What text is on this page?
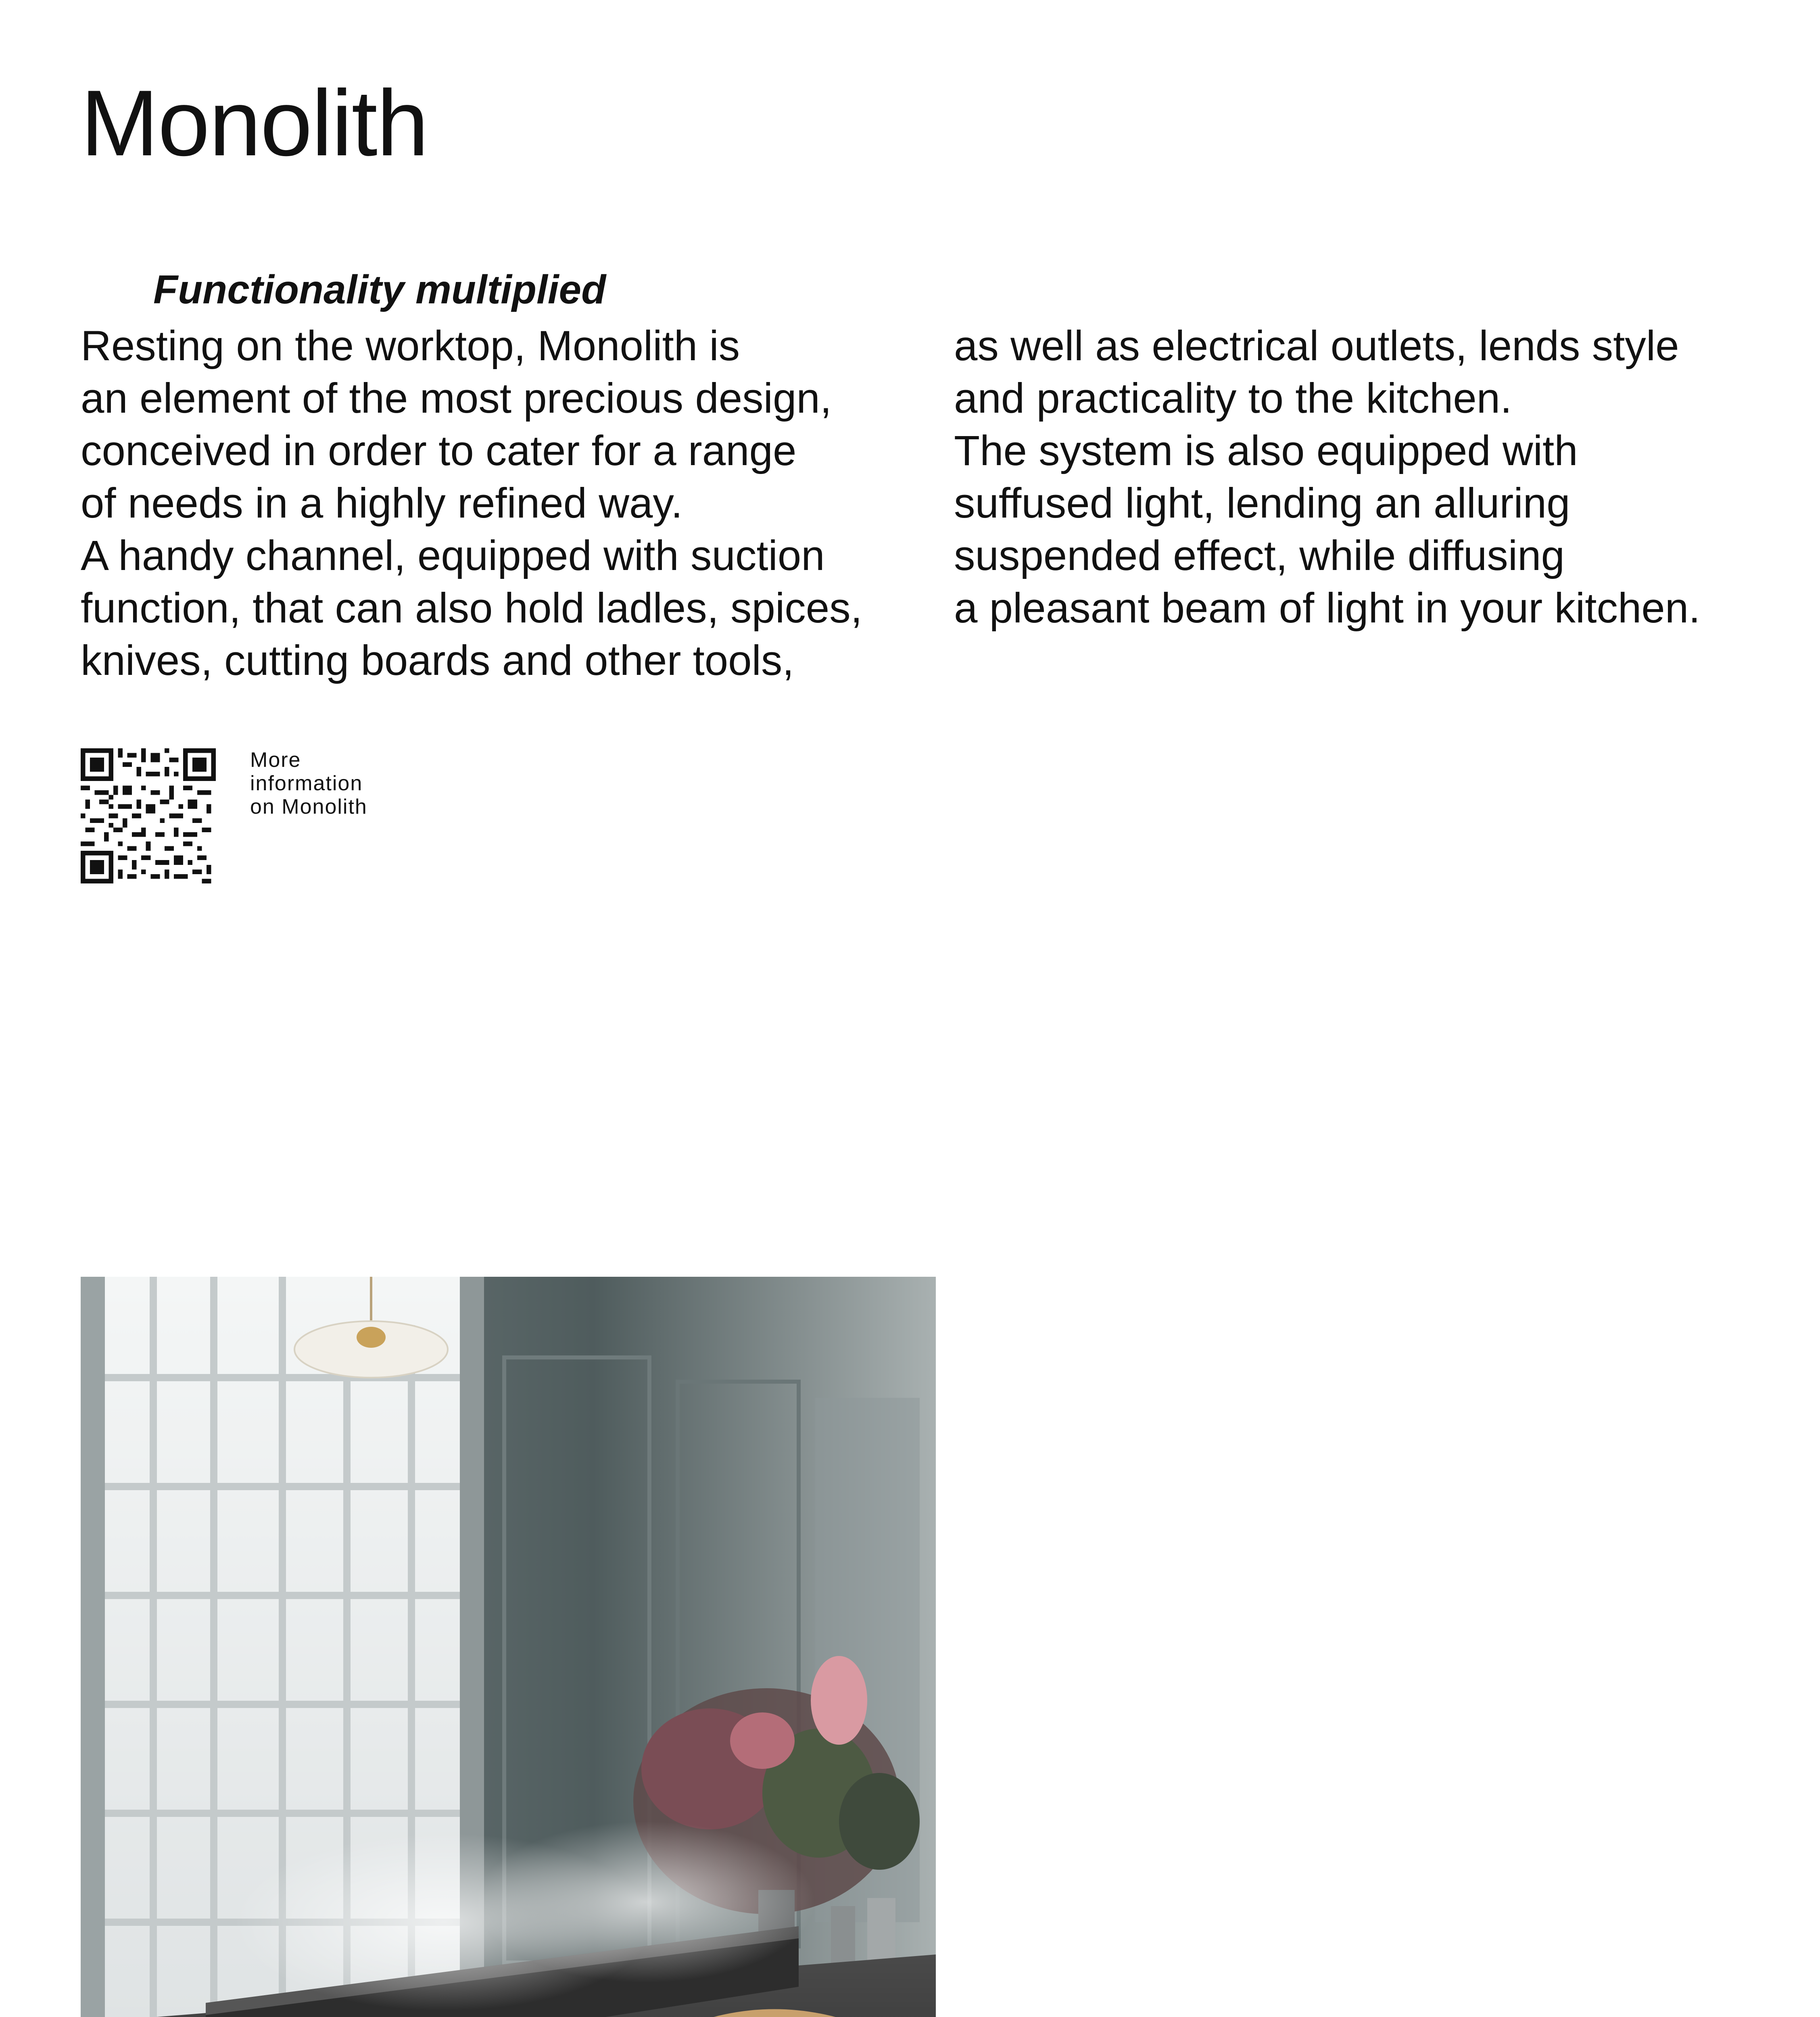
Monolith
Functionality multiplied
Resting on the worktop, Monolith is
an element of the most precious design,
conceived in order to cater for a range
of needs in a highly refined way.
A handy channel, equipped with suction
function, that can also hold ladles, spices,
knives, cutting boards and other tools,
as well as electrical outlets, lends style
and practicality to the kitchen.
The system is also equipped with
suffused light, lending an alluring
suspended effect, while diffusing
a pleasant beam of light in your kitchen.
More
information
on Monolith
